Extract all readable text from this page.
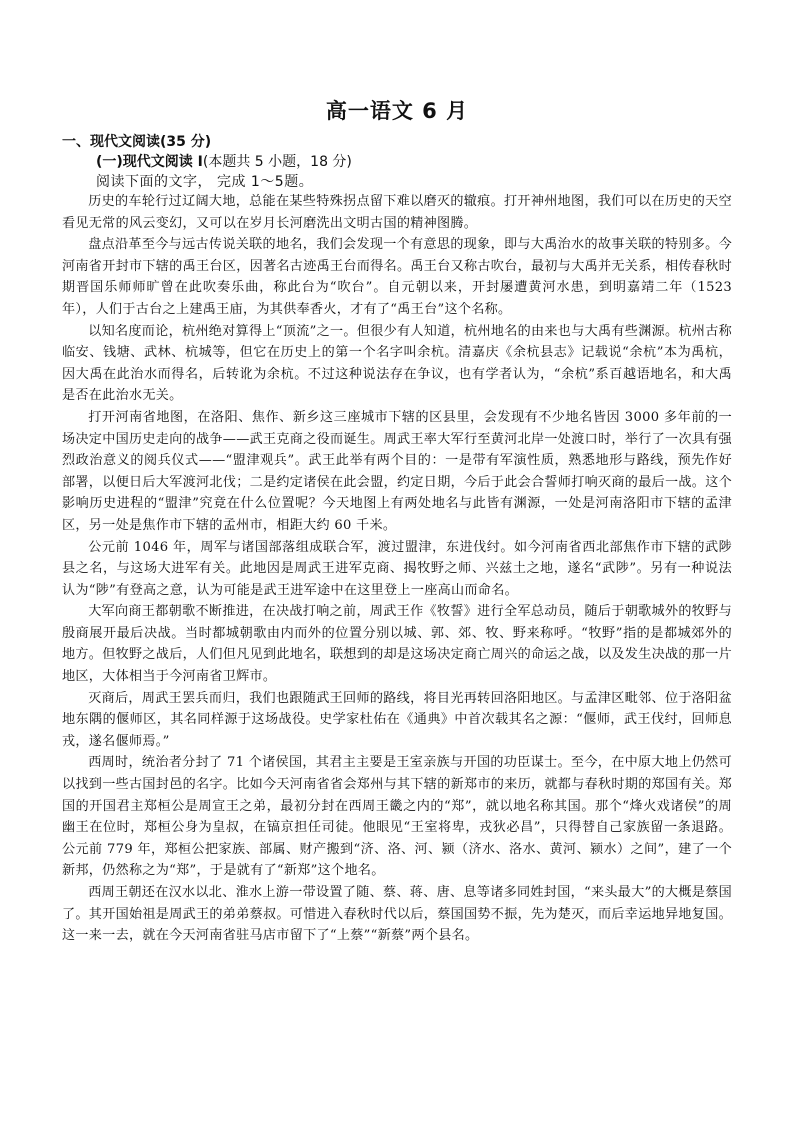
高一语文 6 月
一、现代文阅读(35 分)
(一)现代文阅读 I(本题共 5 小题，18 分)
阅读下面的文字， 完成 1～5题。

历史的车轮行过辽阔大地，总能在某些特殊拐点留下难以磨灭的辙痕。打开神州地图，我们可以在历史的天空看见无常的风云变幻，又可以在岁月长河磨洗出文明古国的精神图腾。

盘点沿革至今与远古传说关联的地名，我们会发现一个有意思的现象，即与大禹治水的故事关联的特别多。今河南省开封市下辖的禹王台区，因著名古迹禹王台而得名。禹王台又称古吹台，最初与大禹并无关系，相传春秋时期晋国乐师师旷曾在此吹奏乐曲，称此台为“吹台”。自元朝以来，开封屡遭黄河水患，到明嘉靖二年（1523 年），人们于古台之上建禹王庙，为其供奉香火，才有了“禹王台”这个名称。

以知名度而论，杭州绝对算得上“顶流”之一。但很少有人知道，杭州地名的由来也与大禹有些渊源。杭州古称临安、钱塘、武林、杭城等，但它在历史上的第一个名字叫余杭。清嘉庆《余杭县志》记载说“余杭”本为禹杭，因大禹在此治水而得名，后转讹为余杭。不过这种说法存在争议，也有学者认为，“余杭”系百越语地名，和大禹是否在此治水无关。

打开河南省地图，在洛阳、焦作、新乡这三座城市下辖的区县里，会发现有不少地名皆因 3000 多年前的一场决定中国历史走向的战争——武王克商之役而诞生。周武王率大军行至黄河北岸一处渡口时，举行了一次具有强烈政治意义的阅兵仪式——“盟津观兵”。武王此举有两个目的：一是带有军演性质，熟悉地形与路线，预先作好部署，以便日后大军渡河北伐；二是约定诸侯在此会盟，约定日期，今后于此会合誓师打响灭商的最后一战。这个影响历史进程的“盟津”究竟在什么位置呢？今天地图上有两处地名与此皆有渊源，一处是河南洛阳市下辖的孟津区，另一处是焦作市下辖的孟州市，相距大约 60 千米。

公元前 1046 年，周军与诸国部落组成联合军，渡过盟津，东进伐纣。如今河南省西北部焦作市下辖的武陟县之名，与这场大进军有关。此地因是周武王进军克商、揭牧野之师、兴兹土之地，遂名“武陟”。另有一种说法认为“陟”有登高之意，认为可能是武王进军途中在这里登上一座高山而命名。

大军向商王都朝歌不断推进，在决战打响之前，周武王作《牧誓》进行全军总动员，随后于朝歌城外的牧野与殷商展开最后决战。当时都城朝歌由内而外的位置分别以城、郭、郊、牧、野来称呼。“牧野”指的是都城郊外的地方。但牧野之战后，人们但凡见到此地名，联想到的却是这场决定商亡周兴的命运之战，以及发生决战的那一片地区，大体相当于今河南省卫辉市。

灭商后，周武王罢兵而归，我们也跟随武王回师的路线，将目光再转回洛阳地区。与孟津区毗邻、位于洛阳盆地东隅的偃师区，其名同样源于这场战役。史学家杜佑在《通典》中首次载其名之源：“偃师，武王伐纣，回师息戎，遂名偃师焉。”

西周时，统治者分封了 71 个诸侯国，其君主主要是王室亲族与开国的功臣谋士。至今，在中原大地上仍然可以找到一些古国封邑的名字。比如今天河南省省会郑州与其下辖的新郑市的来历，就都与春秋时期的郑国有关。郑国的开国君主郑桓公是周宣王之弟，最初分封在西周王畿之内的“郑”，就以地名称其国。那个“烽火戏诸侯”的周幽王在位时，郑桓公身为皇叔，在镐京担任司徒。他眼见“王室将卑，戎狄必昌”，只得替自己家族留一条退路。公元前 779 年，郑桓公把家族、部属、财产搬到“济、洛、河、颍（济水、洛水、黄河、颍水）之间”，建了一个新邦，仍然称之为“郑”，于是就有了“新郑”这个地名。

西周王朝还在汉水以北、淮水上游一带设置了随、蔡、蒋、唐、息等诸多同姓封国，“来头最大”的大概是蔡国了。其开国始祖是周武王的弟弟蔡叔。可惜进入春秋时代以后，蔡国国势不振，先为楚灭，而后幸运地异地复国。这一来一去，就在今天河南省驻马店市留下了“上蔡”“新蔡”两个县名。
